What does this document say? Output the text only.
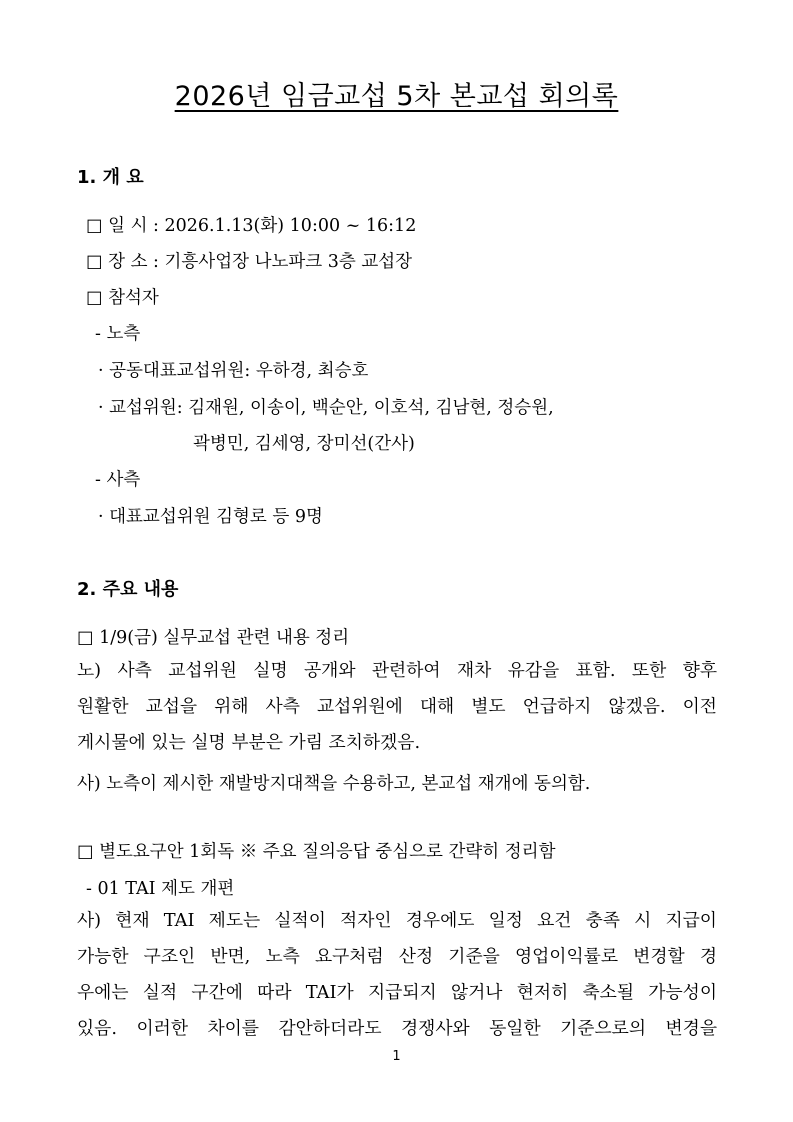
2026년 임금교섭 5차 본교섭 회의록
1. 개 요

□ 일 시 : 2026.1.13(화) 10:00 ~ 16:12

□ 장 소 : 기흥사업장 나노파크 3층 교섭장

□ 참석자

- 노측

· 공동대표교섭위원: 우하경, 최승호

· 교섭위원: 김재원, 이송이, 백순안, 이호석, 김남현, 정승원,

곽병민, 김세영, 장미선(간사)

- 사측

· 대표교섭위원 김형로 등 9명

2. 주요 내용

□ 1/9(금) 실무교섭 관련 내용 정리

노) 사측 교섭위원 실명 공개와 관련하여 재차 유감을 표함. 또한 향후
원활한 교섭을 위해 사측 교섭위원에 대해 별도 언급하지 않겠음. 이전
게시물에 있는 실명 부분은 가림 조치하겠음.

사) 노측이 제시한 재발방지대책을 수용하고, 본교섭 재개에 동의함.

□ 별도요구안 1회독 ※ 주요 질의응답 중심으로 간략히 정리함

- 01 TAI 제도 개편

사) 현재 TAI 제도는 실적이 적자인 경우에도 일정 요건 충족 시 지급이
가능한 구조인 반면, 노측 요구처럼 산정 기준을 영업이익률로 변경할 경
우에는 실적 구간에 따라 TAI가 지급되지 않거나 현저히 축소될 가능성이
있음. 이러한 차이를 감안하더라도 경쟁사와 동일한 기준으로의 변경을

1
